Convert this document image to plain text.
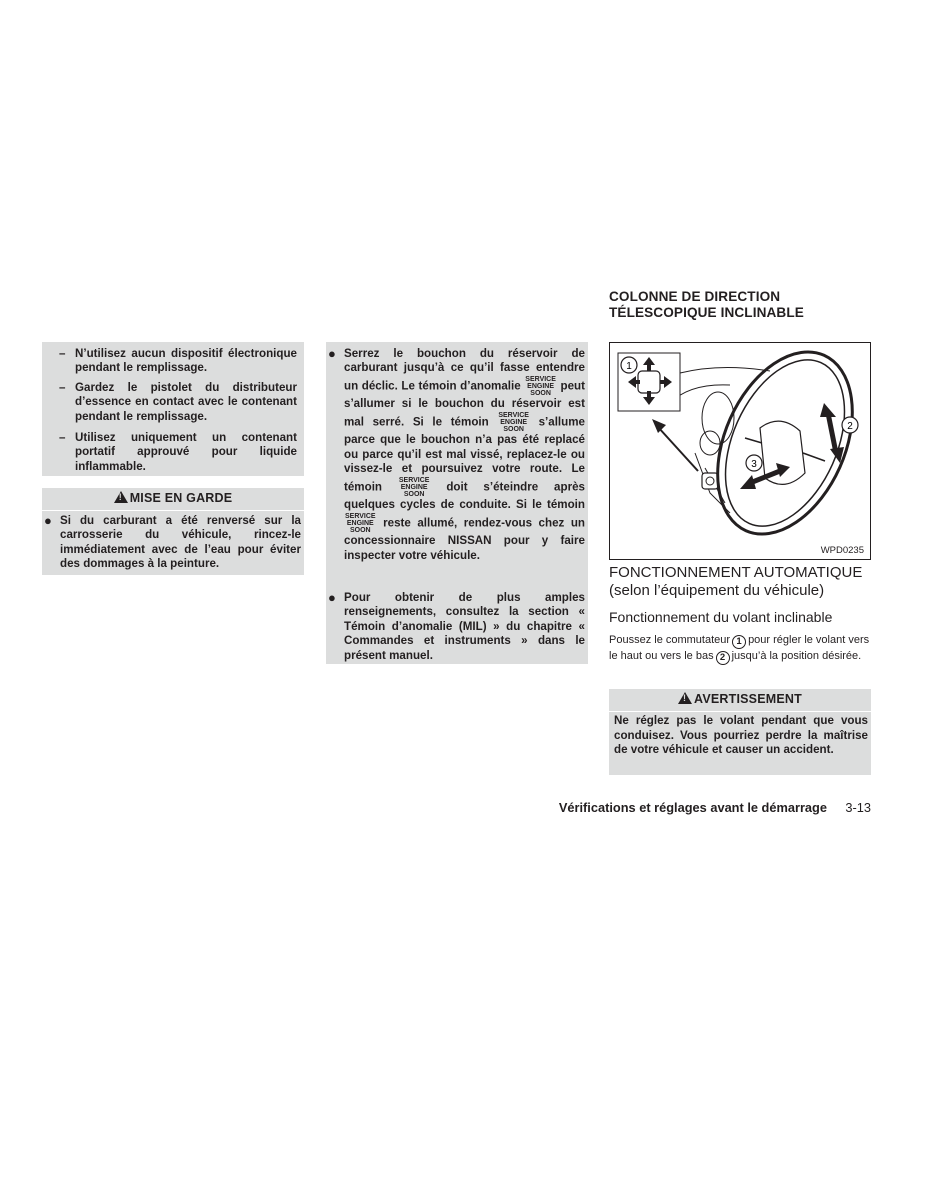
– N’utilisez aucun dispositif électronique pendant le remplissage.
– Gardez le pistolet du distributeur d’essence en contact avec le contenant pendant le remplissage.
– Utilisez uniquement un contenant portatif approuvé pour liquide inflammable.
!MISE EN GARDE
● Si du carburant a été renversé sur la carrosserie du véhicule, rincez-le immédiatement avec de l’eau pour éviter des dommages à la peinture.
● Serrez le bouchon du réservoir de carburant jusqu’à ce qu’il fasse entendre un déclic. Le témoin d’anomalie SERVICE
ENGINE
SOON peut s’allumer si le bouchon du réservoir est mal serré. Si le témoin SERVICE
ENGINE
SOON s’allume parce que le bouchon n’a pas été replacé ou parce qu’il est mal vissé, replacez-le ou vissez-le et poursuivez votre route. Le témoin SERVICE
ENGINE
SOON doit s’éteindre après quelques cycles de conduite. Si le témoin SERVICE
ENGINE
SOON reste allumé, rendez-vous chez un concessionnaire NISSAN pour y faire inspecter votre véhicule.
● Pour obtenir de plus amples renseignements, consultez la section « Témoin d’anomalie (MIL) » du chapitre « Commandes et instruments » dans le présent manuel.
COLONNE DE DIRECTION
TÉLESCOPIQUE INCLINABLE
1
2
3
WPD0235
FONCTIONNEMENT AUTOMATIQUE
(selon l’équipement du véhicule)
Fonctionnement du volant inclinable
Poussez le commutateur 1 pour régler le volant vers le haut ou vers le bas 2 jusqu’à la position désirée.
!AVERTISSEMENT
Ne réglez pas le volant pendant que vous conduisez. Vous pourriez perdre la maîtrise de votre véhicule et causer un accident.
Vérifications et réglages avant le démarrage 3-13
